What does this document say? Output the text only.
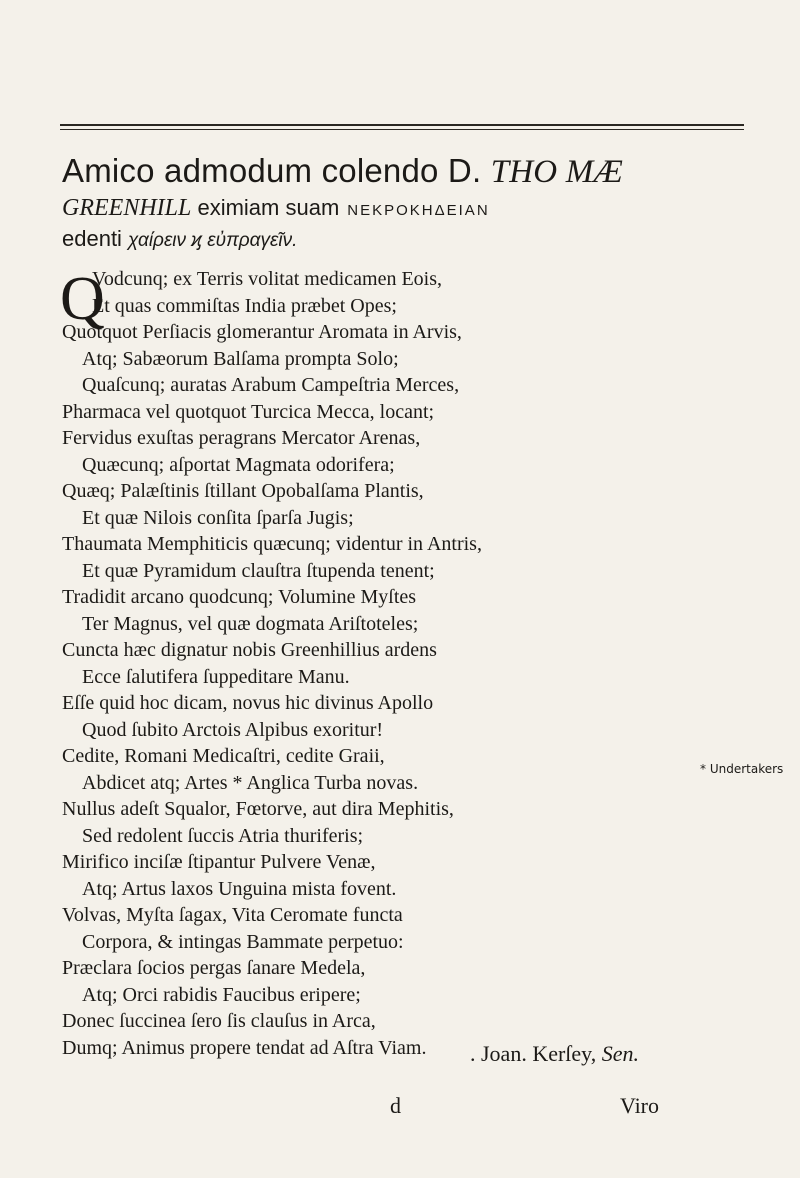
Amico admodum colendo D. THO MÆ
GREENHILL eximiam suam ΝΕΚΡΟΚΗΔΕΙΑΝ
edenti χαίρειν ϗ εὐπραγεῖν.
Q
Vodcunq; ex Terris volitat medicamen Eois,
Et quas commiſtas India præbet Opes;
Quotquot Perſiacis glomerantur Aromata in Arvis,
Atq; Sabæorum Balſama prompta Solo;
Quaſcunq; auratas Arabum Campeſtria Merces,
Pharmaca vel quotquot Turcica Mecca, locant;
Fervidus exuſtas peragrans Mercator Arenas,
Quæcunq; aſportat Magmata odorifera;
Quæq; Palæſtinis ſtillant Opobalſama Plantis,
Et quæ Nilois conſita ſparſa Jugis;
Thaumata Memphiticis quæcunq; videntur in Antris,
Et quæ Pyramidum clauſtra ſtupenda tenent;
Tradidit arcano quodcunq; Volumine Myſtes
Ter Magnus, vel quæ dogmata Ariſtoteles;
Cuncta hæc dignatur nobis Greenhillius ardens
Ecce ſalutifera ſuppeditare Manu.
Eſſe quid hoc dicam, novus hic divinus Apollo
Quod ſubito Arctois Alpibus exoritur!
Cedite, Romani Medicaſtri, cedite Graii,
Abdicet atq; Artes * Anglica Turba novas.
Nullus adeſt Squalor, Fœtorve, aut dira Mephitis,
Sed redolent ſuccis Atria thuriferis;
Mirifico inciſæ ſtipantur Pulvere Venæ,
Atq; Artus laxos Unguina mista fovent.
Volvas, Myſta ſagax, Vita Ceromate functa
Corpora, & intingas Bammate perpetuo:
Præclara ſocios pergas ſanare Medela,
Atq; Orci rabidis Faucibus eripere;
Donec ſuccinea ſero ſis clauſus in Arca,
Dumq; Animus propere tendat ad Aſtra Viam.
* Undertakers
. Joan. Kerſey, Sen.
d	Viro
